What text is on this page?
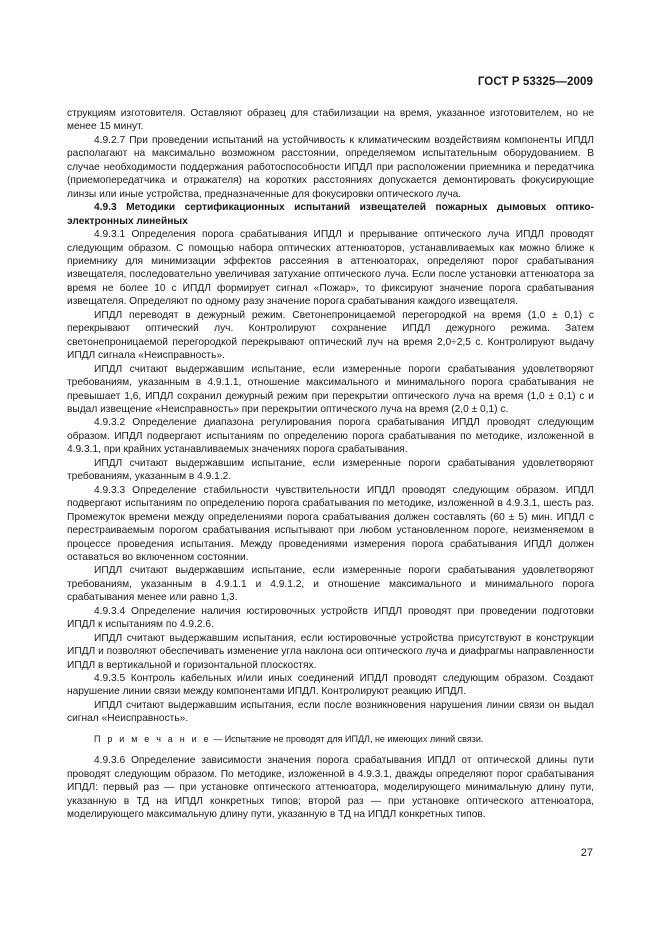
ГОСТ Р 53325—2009

струкциям изготовителя. Оставляют образец для стабилизации на время, указанное изготовителем, но не менее 15 минут.

4.9.2.7 При проведении испытаний на устойчивость к климатическим воздействиям компоненты ИПДЛ располагают на максимально возможном расстоянии, определяемом испытательным оборудованием. В случае необходимости поддержания работоспособности ИПДЛ при расположении приемника и передатчика (приемопередатчика и отражателя) на коротких расстояниях допускается демонтировать фокусирующие линзы или иные устройства, предназначенные для фокусировки оптического луча.

4.9.3 Методики сертификационных испытаний извещателей пожарных дымовых оптико-электронных линейных

4.9.3.1 Определения порога срабатывания ИПДЛ и прерывание оптического луча ИПДЛ проводят следующим образом. С помощью набора оптических аттенюаторов, устанавливаемых как можно ближе к приемнику для минимизации эффектов рассеяния в аттенюаторах, определяют порог срабатывания извещателя, последовательно увеличивая затухание оптического луча. Если после установки аттенюатора за время не более 10 с ИПДЛ формирует сигнал «Пожар», то фиксируют значение порога срабатывания извещателя. Определяют по одному разу значение порога срабатывания каждого извещателя.

ИПДЛ переводят в дежурный режим. Светонепроницаемой перегородкой на время (1,0 ± 0,1) с перекрывают оптический луч. Контролируют сохранение ИПДЛ дежурного режима. Затем светонепроницаемой перегородкой перекрывают оптический луч на время 2,0÷2,5 с. Контролируют выдачу ИПДЛ сигнала «Неисправность».

ИПДЛ считают выдержавшим испытание, если измеренные пороги срабатывания удовлетворяют требованиям, указанным в 4.9.1.1, отношение максимального и минимального порога срабатывания не превышает 1,6, ИПДЛ сохранил дежурный режим при перекрытии оптического луча на время (1,0 ± 0,1) с и выдал извещение «Неисправность» при перекрытии оптического луча на время (2,0 ± 0,1) с.

4.9.3.2 Определение диапазона регулирования порога срабатывания ИПДЛ проводят следующим образом. ИПДЛ подвергают испытаниям по определению порога срабатывания по методике, изложенной в 4.9.3.1, при крайних устанавливаемых значениях порога срабатывания.

ИПДЛ считают выдержавшим испытание, если измеренные пороги срабатывания удовлетворяют требованиям, указанным в 4.9.1.2.

4.9.3.3 Определение стабильности чувствительности ИПДЛ проводят следующим образом. ИПДЛ подвергают испытаниям по определению порога срабатывания по методике, изложенной в 4.9.3.1, шесть раз. Промежуток времени между определениями порога срабатывания должен составлять (60 ± 5) мин. ИПДЛ с перестраиваемым порогом срабатывания испытывают при любом установленном пороге, неизменяемом в процессе проведения испытания. Между проведениями измерения порога срабатывания ИПДЛ должен оставаться во включенном состоянии.

ИПДЛ считают выдержавшим испытание, если измеренные пороги срабатывания удовлетворяют требованиям, указанным в 4.9.1.1 и 4.9.1.2, и отношение максимального и минимального порога срабатывания менее или равно 1,3.

4.9.3.4 Определение наличия юстировочных устройств ИПДЛ проводят при проведении подготовки ИПДЛ к испытаниям по 4.9.2.6.

ИПДЛ считают выдержавшим испытания, если юстировочные устройства присутствуют в конструкции ИПДЛ и позволяют обеспечивать изменение угла наклона оси оптического луча и диафрагмы направленности ИПДЛ в вертикальной и горизонтальной плоскостях.

4.9.3.5 Контроль кабельных и/или иных соединений ИПДЛ проводят следующим образом. Создают нарушение линии связи между компонентами ИПДЛ. Контролируют реакцию ИПДЛ.

ИПДЛ считают выдержавшим испытания, если после возникновения нарушения линии связи он выдал сигнал «Неисправность».

П р и м е ч а н и е — Испытание не проводят для ИПДЛ, не имеющих линий связи.

4.9.3.6 Определение зависимости значения порога срабатывания ИПДЛ от оптической длины пути проводят следующим образом. По методике, изложенной в 4.9.3.1, дважды определяют порог срабатывания ИПДЛ: первый раз — при установке оптического аттенюатора, моделирующего минимальную длину пути, указанную в ТД на ИПДЛ конкретных типов; второй раз — при установке оптического аттенюатора, моделирующего максимальную длину пути, указанную в ТД на ИПДЛ конкретных типов.

27
